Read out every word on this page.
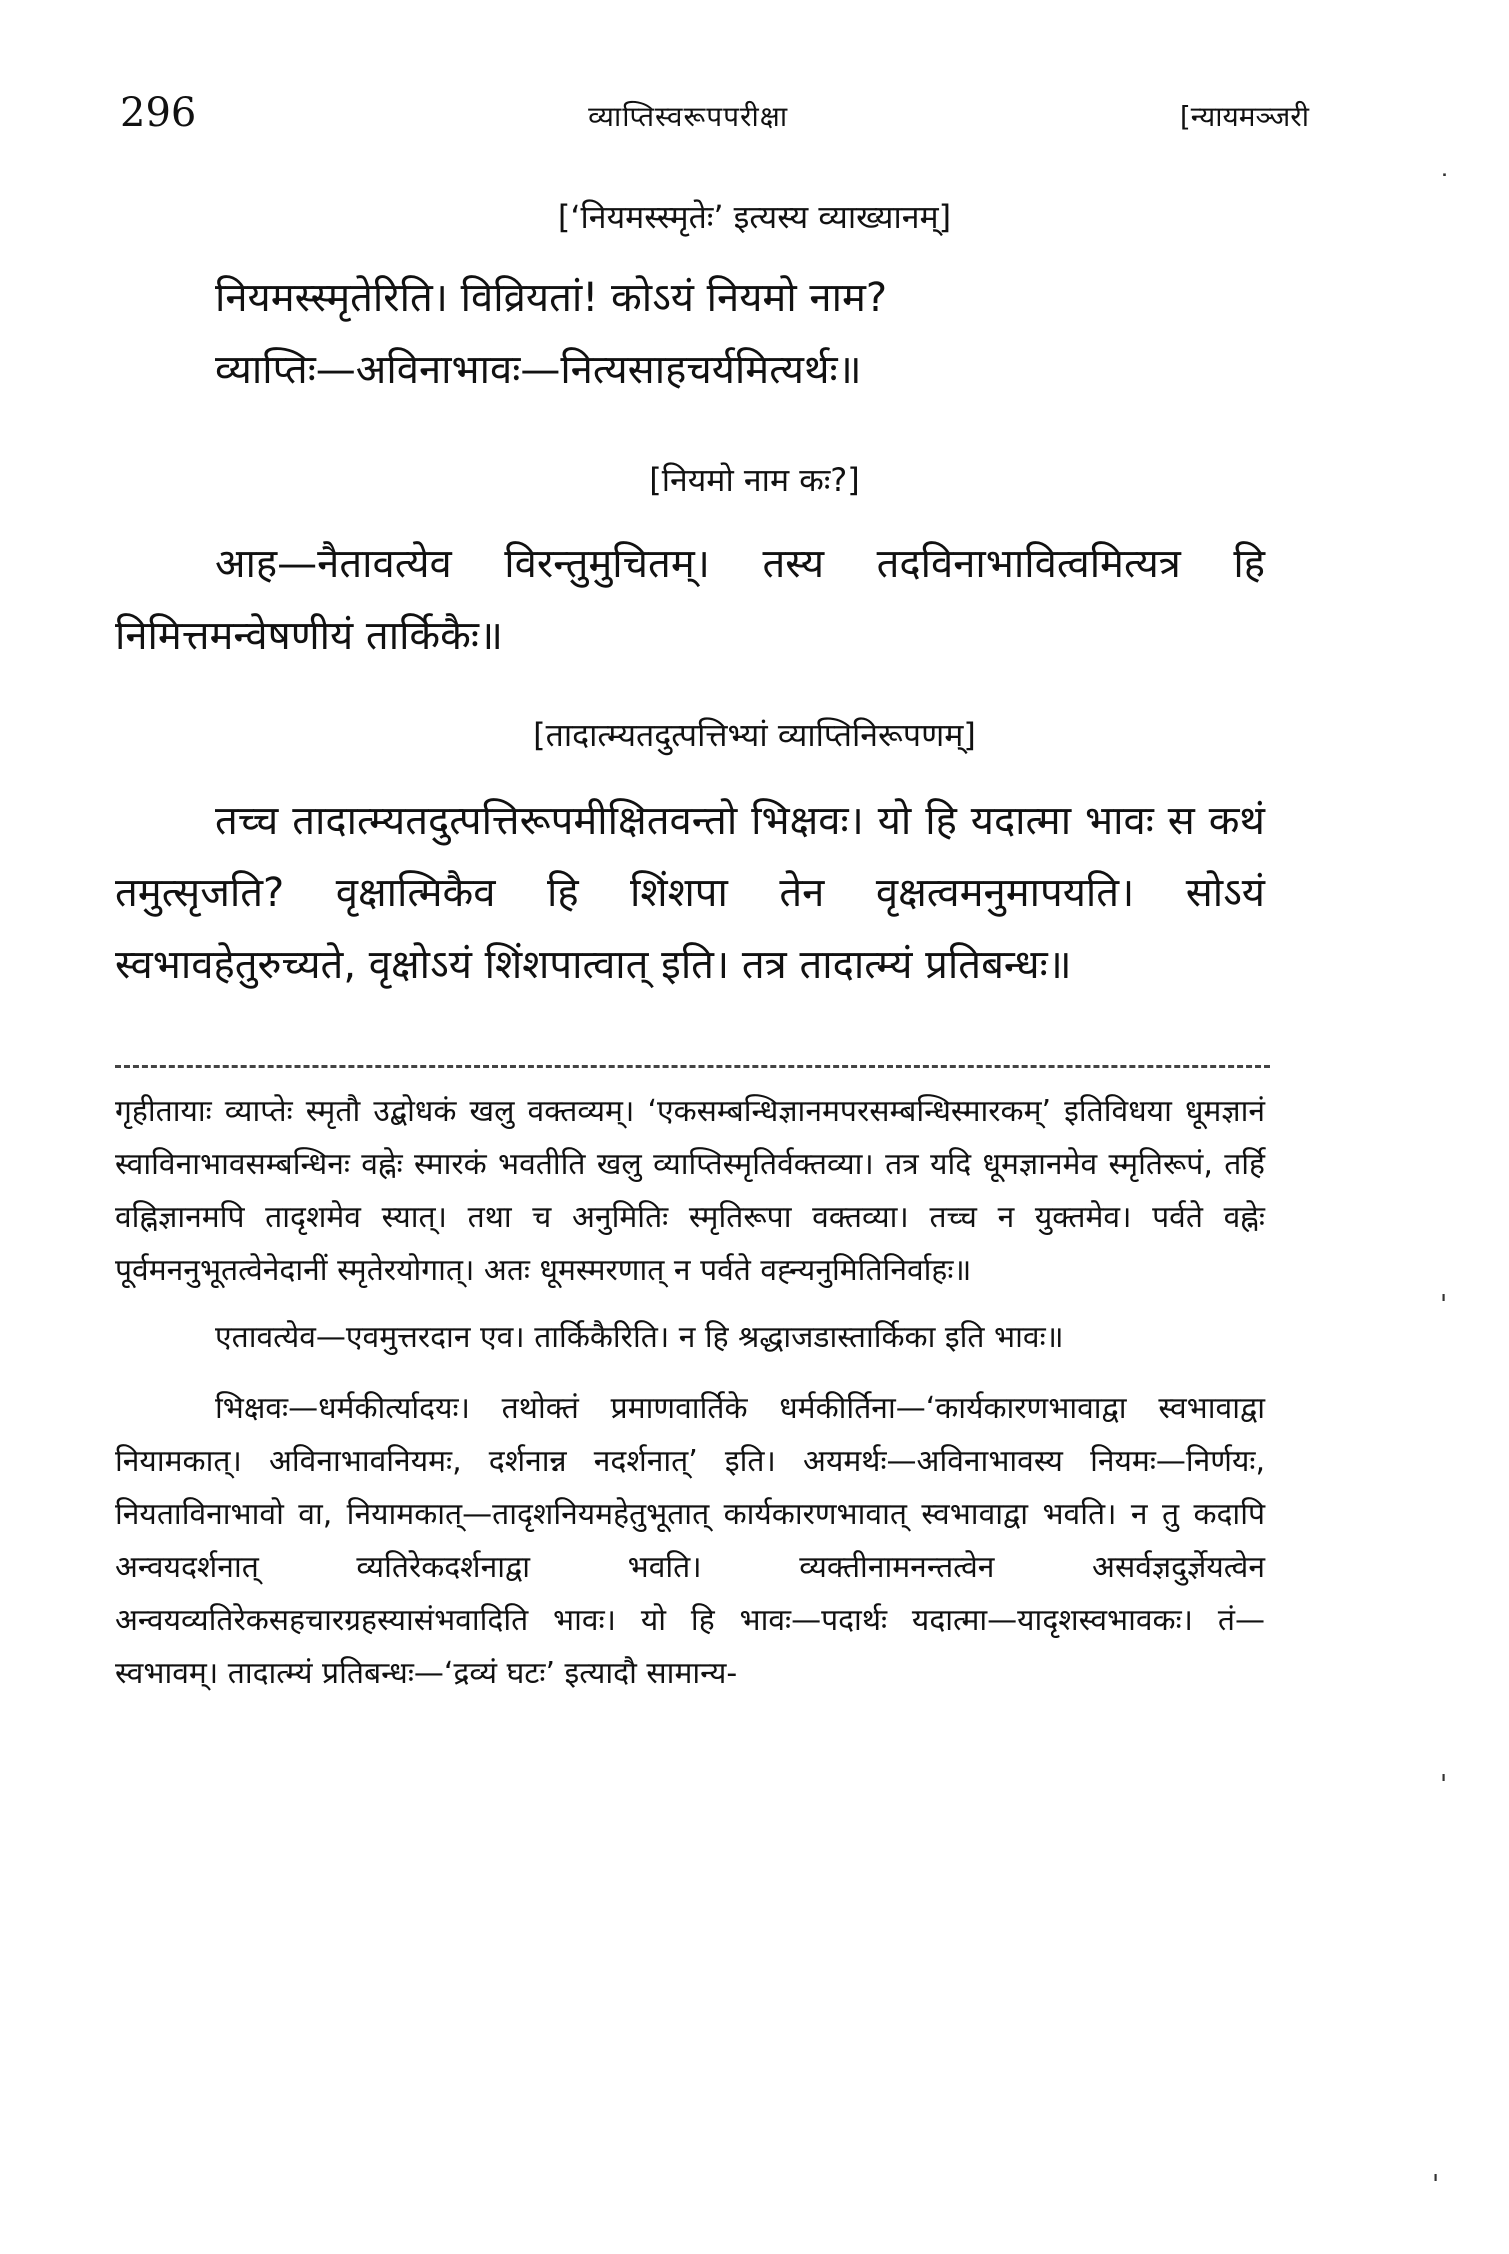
296	व्याप्तिस्वरूपपरीक्षा	[न्यायमञ्जरी
[‘नियमस्स्मृतेः’ इत्यस्य व्याख्यानम्]
नियमस्स्मृतेरिति। विव्रियतां! कोऽयं नियमो नाम?
व्याप्तिः—अविनाभावः—नित्यसाहचर्यमित्यर्थः॥
[नियमो नाम कः?]
आह—नैतावत्येव विरन्तुमुचितम्। तस्य तदविनाभावित्वमित्यत्र हि निमित्तमन्वेषणीयं तार्किकैः॥
[तादात्म्यतदुत्पत्तिभ्यां व्याप्तिनिरूपणम्]
तच्च तादात्म्यतदुत्पत्तिरूपमीक्षितवन्तो भिक्षवः। यो हि यदात्मा भावः स कथं तमुत्सृजति? वृक्षात्मिकैव हि शिंशपा तेन वृक्षत्वमनुमापयति। सोऽयं स्वभावहेतुरुच्यते, वृक्षोऽयं शिंशपात्वात् इति। तत्र तादात्म्यं प्रतिबन्धः॥
गृहीतायाः व्याप्तेः स्मृतौ उद्बोधकं खलु वक्तव्यम्। ‘एकसम्बन्धिज्ञानमपरसम्बन्धिस्मारकम्’ इतिविधया धूमज्ञानं स्वाविनाभावसम्बन्धिनः वह्नेः स्मारकं भवतीति खलु व्याप्तिस्मृतिर्वक्तव्या। तत्र यदि धूमज्ञानमेव स्मृतिरूपं, तर्हि वह्निज्ञानमपि तादृशमेव स्यात्। तथा च अनुमितिः स्मृतिरूपा वक्तव्या। तच्च न युक्तमेव। पर्वते वह्नेः पूर्वमननुभूतत्वेनेदानीं स्मृतेरयोगात्। अतः धूमस्मरणात् न पर्वते वह्न्यनुमितिनिर्वाहः॥
एतावत्येव—एवमुत्तरदान एव। तार्किकैरिति। न हि श्रद्धाजडास्तार्किका इति भावः॥
भिक्षवः—धर्मकीर्त्यादयः। तथोक्तं प्रमाणवार्तिके धर्मकीर्तिना—‘कार्यकारणभावाद्वा स्वभावाद्वा नियामकात्। अविनाभावनियमः, दर्शनान्न नदर्शनात्’ इति। अयमर्थः—अविनाभावस्य नियमः—निर्णयः, नियताविनाभावो वा, नियामकात्—तादृशनियमहेतुभूतात् कार्यकारणभावात् स्वभावाद्वा भवति। न तु कदापि अन्वयदर्शनात् व्यतिरेकदर्शनाद्वा भवति। व्यक्तीनामनन्तत्वेन असर्वज्ञदुर्ज्ञेयत्वेन अन्वयव्यतिरेकसहचारग्रहस्यासंभवादिति भावः। यो हि भावः—पदार्थः यदात्मा—यादृशस्वभावकः। तं—स्वभावम्। तादात्म्यं प्रतिबन्धः—‘द्रव्यं घटः’ इत्यादौ सामान्य-
˙
'
'
'
